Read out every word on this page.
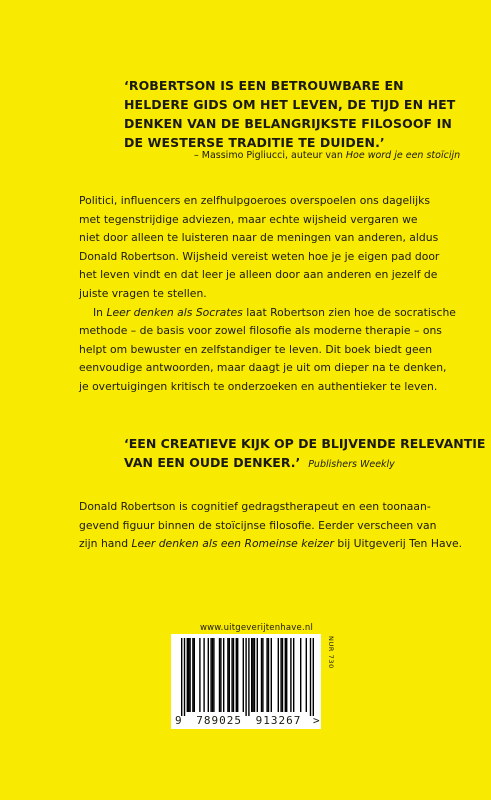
‘ROBERTSON IS EEN BETROUWBARE EN
HELDERE GIDS OM HET LEVEN, DE TIJD EN HET
DENKEN VAN DE BELANGRIJKSTE FILOSOOF IN
DE WESTERSE TRADITIE TE DUIDEN.’
– Massimo Pigliucci, auteur van Hoe word je een stoïcijn

Politici, influencers en zelfhulpgoeroes overspoelen ons dagelijks
met tegenstrijdige adviezen, maar echte wijsheid vergaren we
niet door alleen te luisteren naar de meningen van anderen, aldus
Donald Robertson. Wijsheid vereist weten hoe je je eigen pad door
het leven vindt en dat leer je alleen door aan anderen en jezelf de
juiste vragen te stellen.

In Leer denken als Socrates laat Robertson zien hoe de socratische
methode – de basis voor zowel filosofie als moderne therapie – ons
helpt om bewuster en zelfstandiger te leven. Dit boek biedt geen
eenvoudige antwoorden, maar daagt je uit om dieper na te denken,
je overtuigingen kritisch te onderzoeken en authentieker te leven.

‘EEN CREATIEVE KIJK OP DE BLIJVENDE RELEVANTIE
VAN EEN OUDE DENKER.’ Publishers Weekly
Donald Robertson is cognitief gedragstherapeut en een toonaan-
gevend figuur binnen de stoïcijnse filosofie. Eerder verscheen van
zijn hand Leer denken als een Romeinse keizer bij Uitgeverij Ten Have.
www.uitgeverijtenhave.nl
9 789025 913267 >
NUR 730
